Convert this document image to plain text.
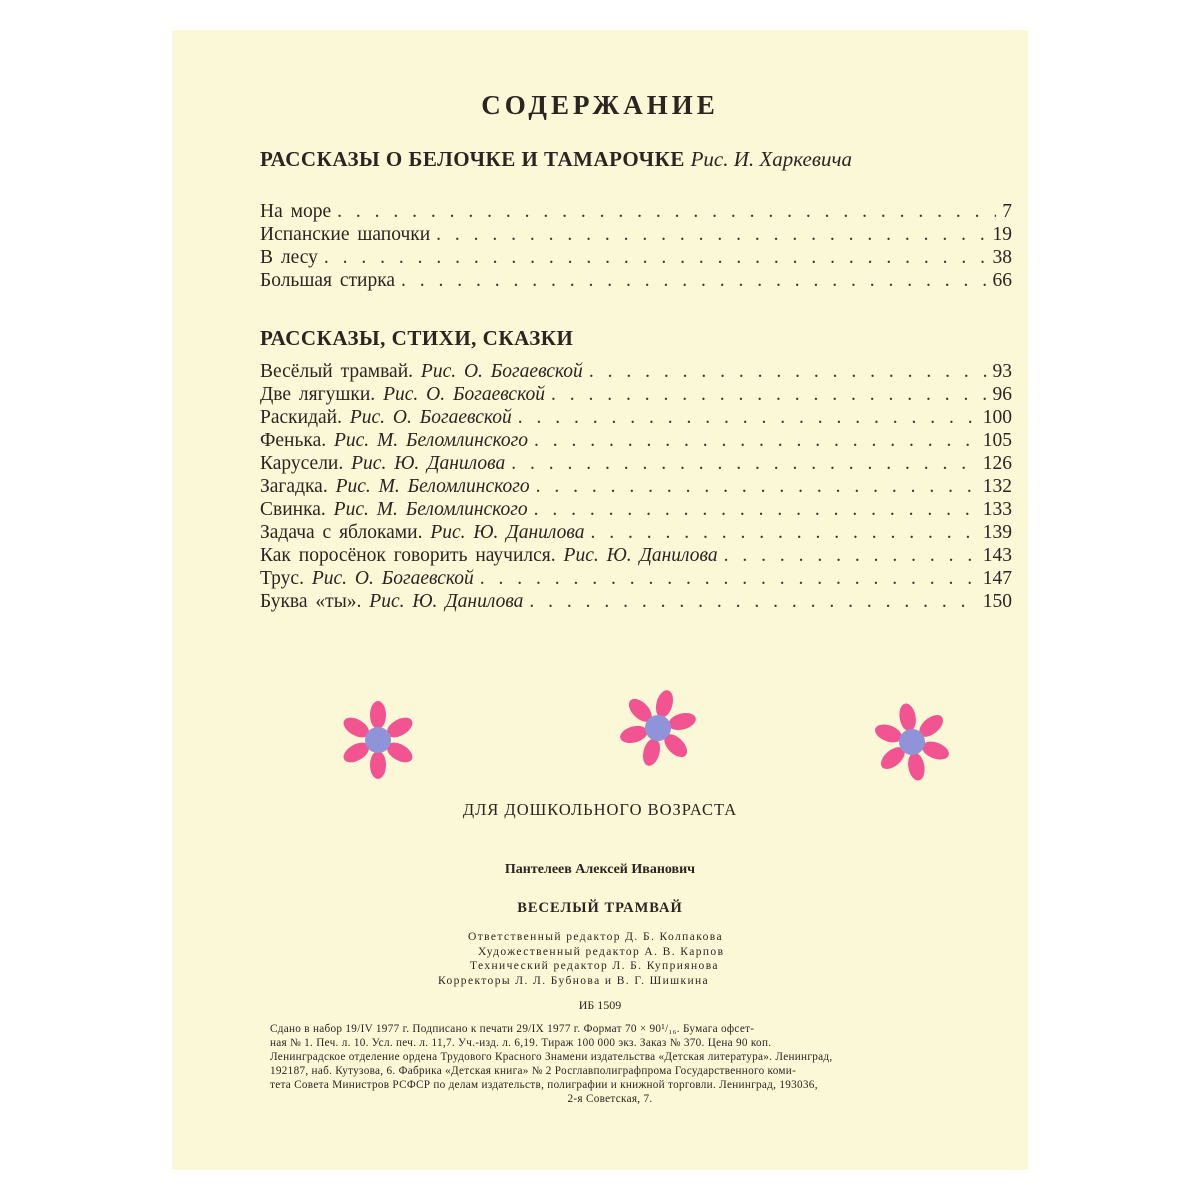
СОДЕРЖАНИЕ
РАССКАЗЫ О БЕЛОЧКЕ И ТАМАРОЧКЕ Рис. И. Харкевича
На море . . .	7
Испанские шапочки . . .	19
В лесу . . .	38
Большая стирка . . .	66
РАССКАЗЫ, СТИХИ, СКАЗКИ
Весёлый трамвай. Рис. О. Богаевской . . .	93
Две лягушки. Рис. О. Богаевской . . .	96
Раскидай. Рис. О. Богаевской . . .	100
Фенька. Рис. М. Беломлинского . . .	105
Карусели. Рис. Ю. Данилова . . .	126
Загадка. Рис. М. Беломлинского . . .	132
Свинка. Рис. М. Беломлинского . . .	133
Задача с яблоками. Рис. Ю. Данилова . . .	139
Как поросёнок говорить научился. Рис. Ю. Данилова . . .	143
Трус. Рис. О. Богаевской . . .	147
Буква «ты». Рис. Ю. Данилова . . .	150
ДЛЯ ДОШКОЛЬНОГО ВОЗРАСТА
Пантелеев Алексей Иванович
ВЕСЕЛЫЙ ТРАМВАЙ
Ответственный редактор Д. Б. Колпакова
Художественный редактор А. В. Карпов
Технический редактор Л. Б. Куприянова
Корректоры Л. Л. Бубнова и В. Г. Шишкина
ИБ 1509
Сдано в набор 19/IV 1977 г. Подписано к печати 29/IX 1977 г. Формат 70 × 90¹/₁₆. Бумага офсет-
ная № 1. Печ. л. 10. Усл. печ. л. 11,7. Уч.-изд. л. 6,19. Тираж 100 000 экз. Заказ № 370. Цена 90 коп.
Ленинградское отделение ордена Трудового Красного Знамени издательства «Детская литература». Ленинград,
192187, наб. Кутузова, 6. Фабрика «Детская книга» № 2 Росглавполиграфпрома Государственного коми-
тета Совета Министров РСФСР по делам издательств, полиграфии и книжной торговли. Ленинград, 193036,
2-я Советская, 7.
